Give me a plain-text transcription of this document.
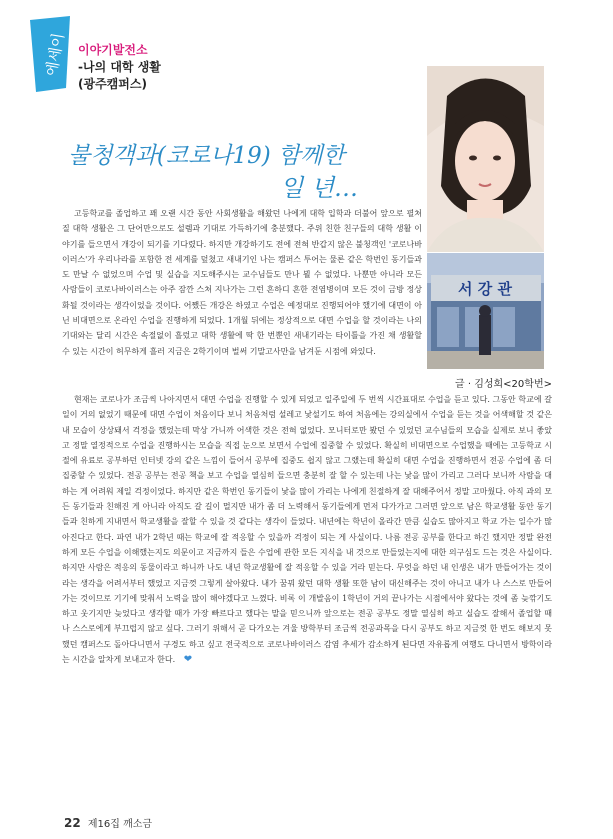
에세이 이야기발전소
-나의 대학 생활
(광주캠퍼스)
불청객과(코로나19) 함께한
일 년…
서 강 관
글 · 김성희<20학번>
고등학교를 졸업하고 꽤 오랜 시간 동안 사회생활을 해왔던 나에게 대학 입학과 더불어 앞으로 펼쳐질 대학 생활은 그 단어만으로도 설렘과 기대로 가득하기에 충분했다. 주위 친한 친구들의 대학 생활 이야기를 들으면서 개강이 되기를 기다렸다. 하지만 개강하기도 전에 전혀 반갑지 않은 불청객인 '코로나바이러스'가 우리나라를 포함한 전 세계를 덮쳤고 새내기인 나는 캠퍼스 투어는 물론 같은 학번인 동기들과도 만날 수 없었으며 수업 및 실습을 지도해주시는 교수님들도 만나 뵐 수 없었다. 나뿐만 아니라 모든 사람들이 코로나바이러스는 아주 잠깐 스쳐 지나가는 그런 흔하디 흔한 전염병이며 모든 것이 금방 정상화될 것이라는 생각이었을 것이다. 어쨌든 개강은 하였고 수업은 예정대로 진행되어야 했기에 대면이 아닌 비대면으로 온라인 수업을 진행하게 되었다. 1개월 뒤에는 정상적으로 대면 수업을 할 것이라는 나의 기대와는 달리 시간은 속절없이 흘렀고 대학 생활에 딱 한 번뿐인 새내기라는 타이틀을 가진 채 생활할 수 있는 시간이 허무하게 흘러 지금은 2학기이며 벌써 기말고사만을 남겨둔 시점에 와있다.
현재는 코로나가 조금씩 나아지면서 대면 수업을 진행할 수 있게 되었고 일주일에 두 번씩 시간표대로 수업을 듣고 있다. 그동안 학교에 갈 일이 거의 없었기 때문에 대면 수업이 처음이다 보니 처음처럼 설레고 낯설기도 하여 처음에는 강의실에서 수업을 듣는 것을 어색해할 것 같은 내 모습이 상상돼서 걱정을 했었는데 막상 가니까 어색한 것은 전혀 없었다. 모니터로만 봤던 수 있었던 교수님들의 모습을 실제로 보니 좋았고 정말 열정적으로 수업을 진행하시는 모습을 직접 눈으로 보면서 수업에 집중할 수 있었다. 확실히 비대면으로 수업했을 때에는 고등학교 시절에 유료로 공부하던 인터넷 강의 같은 느낌이 들어서 공부에 집중도 쉽지 않고 그랬는데 확실히 대면 수업을 진행하면서 전공 수업에 좀 더 집중할 수 있었다. 전공 공부는 전공 책을 보고 수업을 열심히 들으면 충분히 잘 할 수 있는데 나는 낯을 많이 가리고 그러다 보니까 사람을 대하는 게 어려워 제일 걱정이었다. 하지만 같은 학번인 동기들이 낯을 많이 가리는 나에게 친절하게 잘 대해주어서 정말 고마웠다. 아직 과의 모든 동기들과 친해진 게 아니라 아직도 갈 길이 멀지만 내가 좀 더 노력해서 동기들에게 먼저 다가가고 그러면 앞으로 남은 학교생활 동안 동기들과 친하게 지내면서 학교생활을 잘할 수 있을 것 같다는 생각이 들었다. 내년에는 학년이 올라간 만큼 실습도 많아지고 학교 가는 일수가 많아진다고 한다. 파연 내가 2학년 때는 학교에 잘 적응할 수 있을까 걱정이 되는 게 사실이다. 나름 전공 공부를 한다고 하긴 했지만 정말 완전하게 모든 수업을 이해했는지도 의문이고 지금까지 들은 수업에 관한 모든 지식을 내 것으로 만들었는지에 대한 의구심도 드는 것은 사실이다. 하지만 사람은 적응의 동물이라고 하니까 나도 내년 학교생활에 잘 적응할 수 있을 거라 믿는다. 무엇을 하던 내 인생은 내가 만들어가는 것이라는 생각을 어려서부터 했었고 지금껏 그렇게 살아왔다. 내가 꿈꿔 왔던 대학 생활 또한 남이 대신해주는 것이 아니고 내가 나 스스로 만들어가는 것이므로 기기에 맞춰서 노력을 많이 해야겠다고 느꼈다. 비록 이 개발음이 1학년이 거의 끝나가는 시점에서야 왔다는 것에 좀 늦깎기도 하고 웃기지만 늦었다고 생각할 때가 가장 빠르다고 했다는 말을 믿으니까 앞으로는 전공 공부도 정말 열심히 하고 실습도 잘해서 졸업할 때 나 스스로에게 부끄럽지 않고 싶다. 그러기 위해서 곧 다가오는 겨울 방학부터 조금씩 전공과목을 다시 공부도 하고 지금껏 한 번도 해보지 못했던 캠퍼스도 돌아다니면서 구경도 하고 싶고 전국적으로 코로나바이러스 감염 추세가 감소하게 된다면 자유롭게 여행도 다니면서 방학이라는 시간을 알차게 보내고자 한다. ❤
22 제16집 깨소금
